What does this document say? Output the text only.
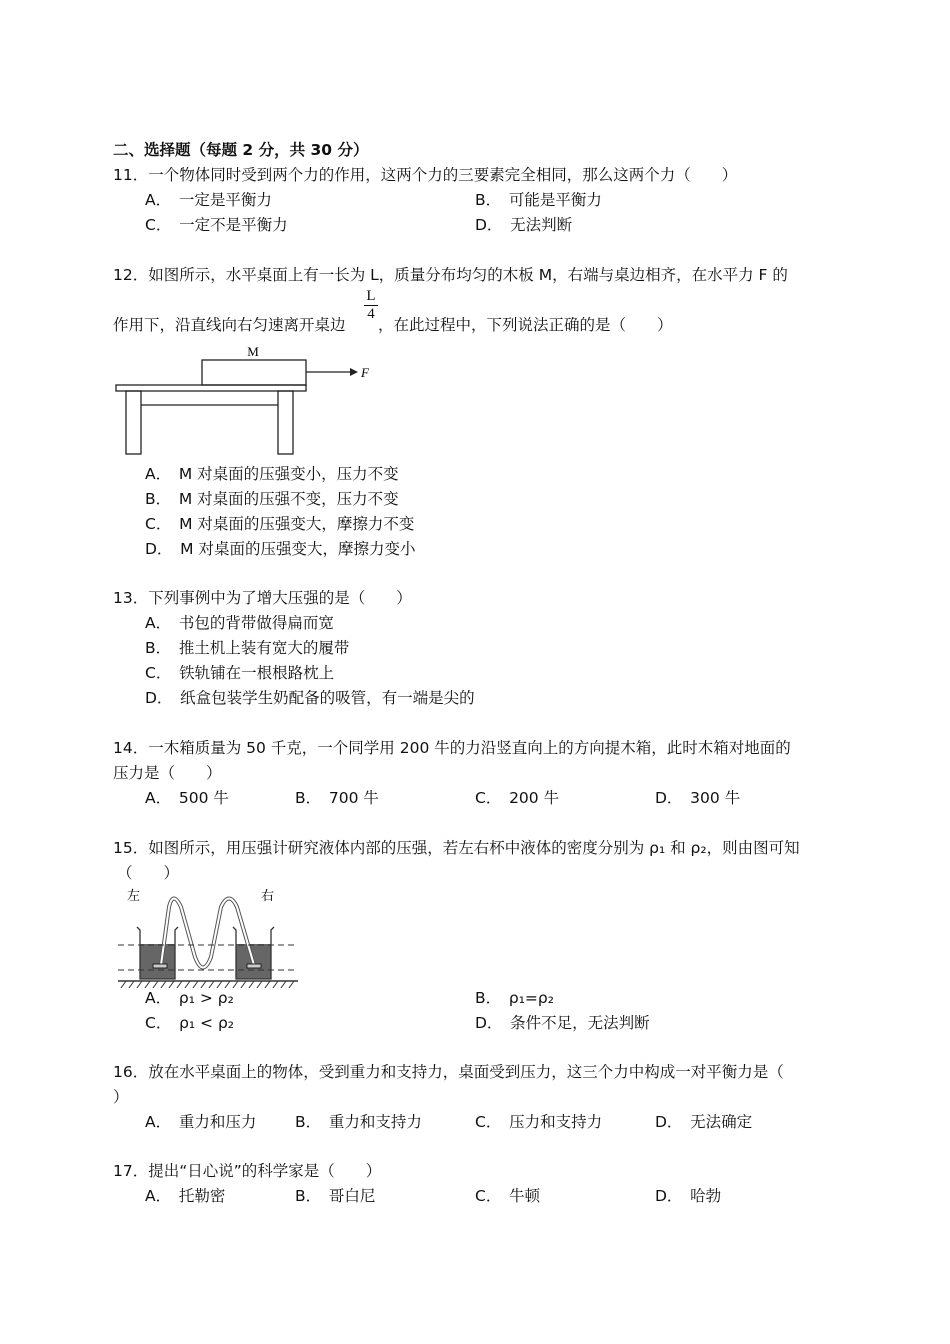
二、选择题（每题 2 分，共 30 分）
11．一个物体同时受到两个力的作用，这两个力的三要素完全相同，那么这两个力（　　）
A．　一定是平衡力	B．　可能是平衡力
C．　一定不是平衡力	D．　无法判断
12．如图所示，水平桌面上有一长为 L，质量分布均匀的木板 M，右端与桌边相齐，在水平力 F 的
作用下，沿直线向右匀速离开桌边
$\frac{L}{4}$
，在此过程中，下列说法正确的是（　　）
M
F
A．　M 对桌面的压强变小，压力不变
B．　M 对桌面的压强不变，压力不变
C．　M 对桌面的压强变大，摩擦力不变
D．　M 对桌面的压强变大，摩擦力变小
13．下列事例中为了增大压强的是（　　）
A．　书包的背带做得扁而宽
B．　推土机上装有宽大的履带
C．　铁轨铺在一根根路枕上
D．　纸盒包装学生奶配备的吸管，有一端是尖的
14．一木箱质量为 50 千克，一个同学用 200 牛的力沿竖直向上的方向提木箱，此时木箱对地面的
压力是（　　）
A．　500 牛	B．　700 牛	C．　200 牛	D．　300 牛
15．如图所示，用压强计研究液体内部的压强，若左右杯中液体的密度分别为 ρ₁ 和 ρ₂，则由图可知
（　　）
左	右
A．　ρ₁ > ρ₂	B．　ρ₁=ρ₂
C．　ρ₁ < ρ₂	D．　条件不足，无法判断
16．放在水平桌面上的物体，受到重力和支持力，桌面受到压力，这三个力中构成一对平衡力是（
）
A．　重力和压力 B．　重力和支持力	C．　压力和支持力	D．　无法确定
17．提出“日心说”的科学家是（　　）
A．　托勒密	B．　哥白尼	C．　牛顿	D．　哈勃
